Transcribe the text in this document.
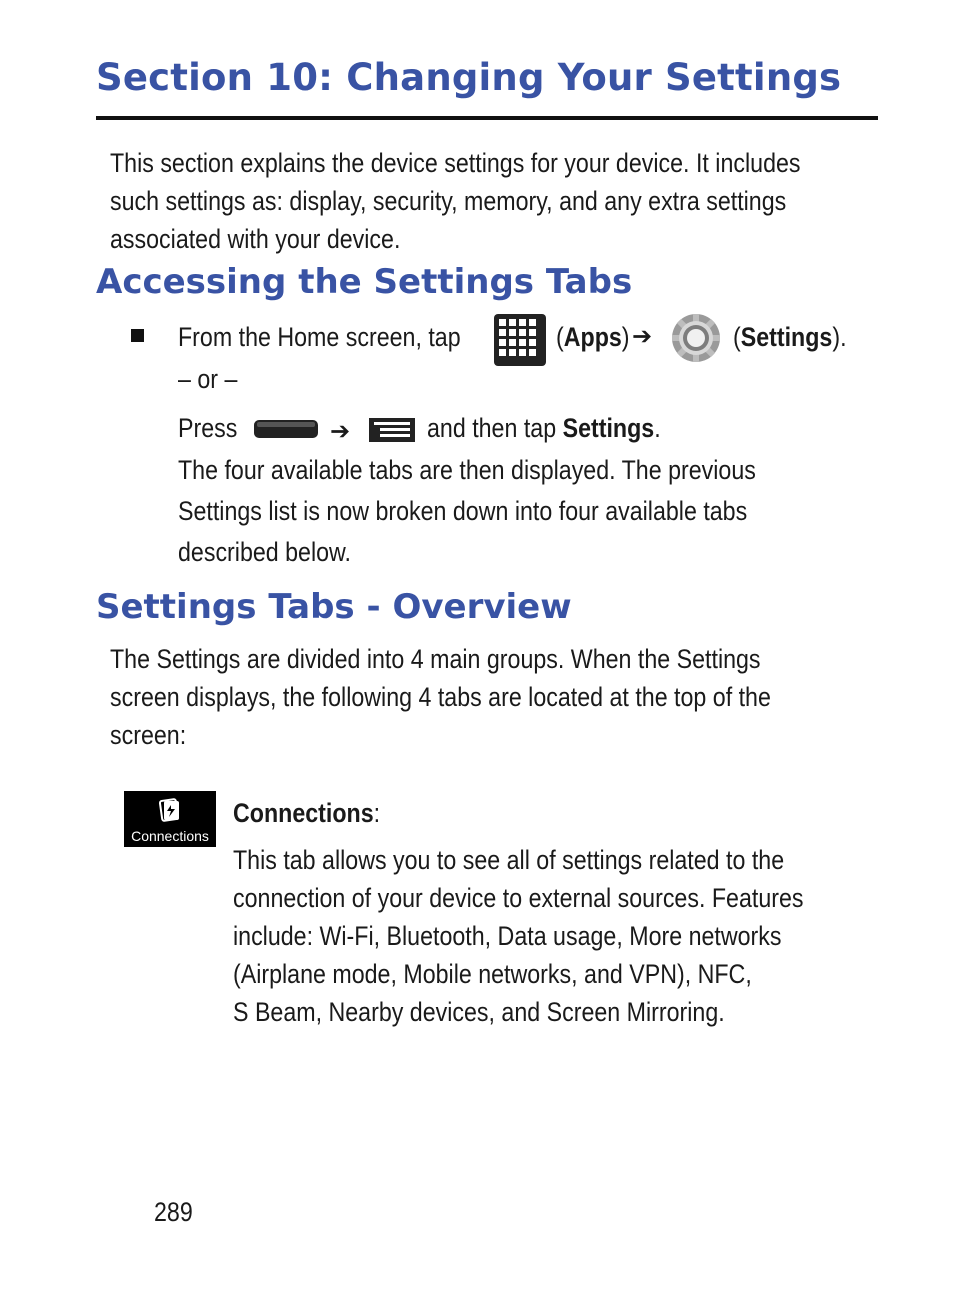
Section 10: Changing Your Settings
This section explains the device settings for your device. It includes
such settings as: display, security, memory, and any extra settings
associated with your device.
Accessing the Settings Tabs
From the Home screen, tap	(Apps) ➔	(Settings).
– or –
Press	➔	and then tap Settings.
The four available tabs are then displayed. The previous
Settings list is now broken down into four available tabs
described below.
Settings Tabs - Overview
The Settings are divided into 4 main groups. When the Settings
screen displays, the following 4 tabs are located at the top of the
screen:
Connections
Connections:
This tab allows you to see all of settings related to the
connection of your device to external sources. Features
include: Wi-Fi, Bluetooth, Data usage, More networks
(Airplane mode, Mobile networks, and VPN), NFC,
S Beam, Nearby devices, and Screen Mirroring.
289
